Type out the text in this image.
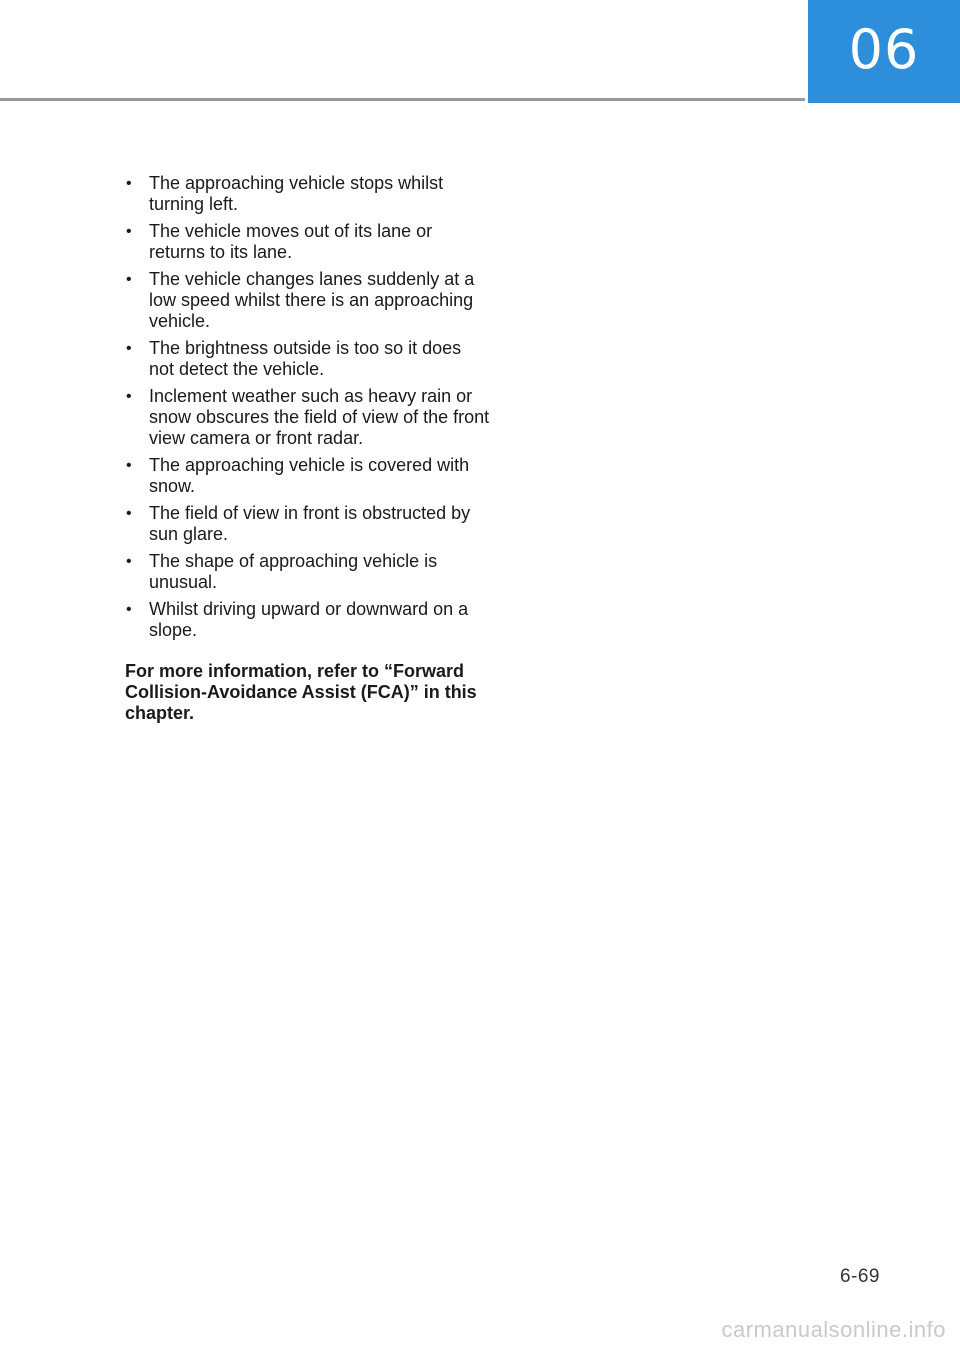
06
• The approaching vehicle stops whilst turning left.
• The vehicle moves out of its lane or returns to its lane.
• The vehicle changes lanes suddenly at a low speed whilst there is an approaching vehicle.
• The brightness outside is too so it does not detect the vehicle.
• Inclement weather such as heavy rain or snow obscures the field of view of the front view camera or front radar.
• The approaching vehicle is covered with snow.
• The field of view in front is obstructed by sun glare.
• The shape of approaching vehicle is unusual.
• Whilst driving upward or downward on a slope.

For more information, refer to “Forward Collision-Avoidance Assist (FCA)” in this chapter.

6-69
carmanualsonline.info
